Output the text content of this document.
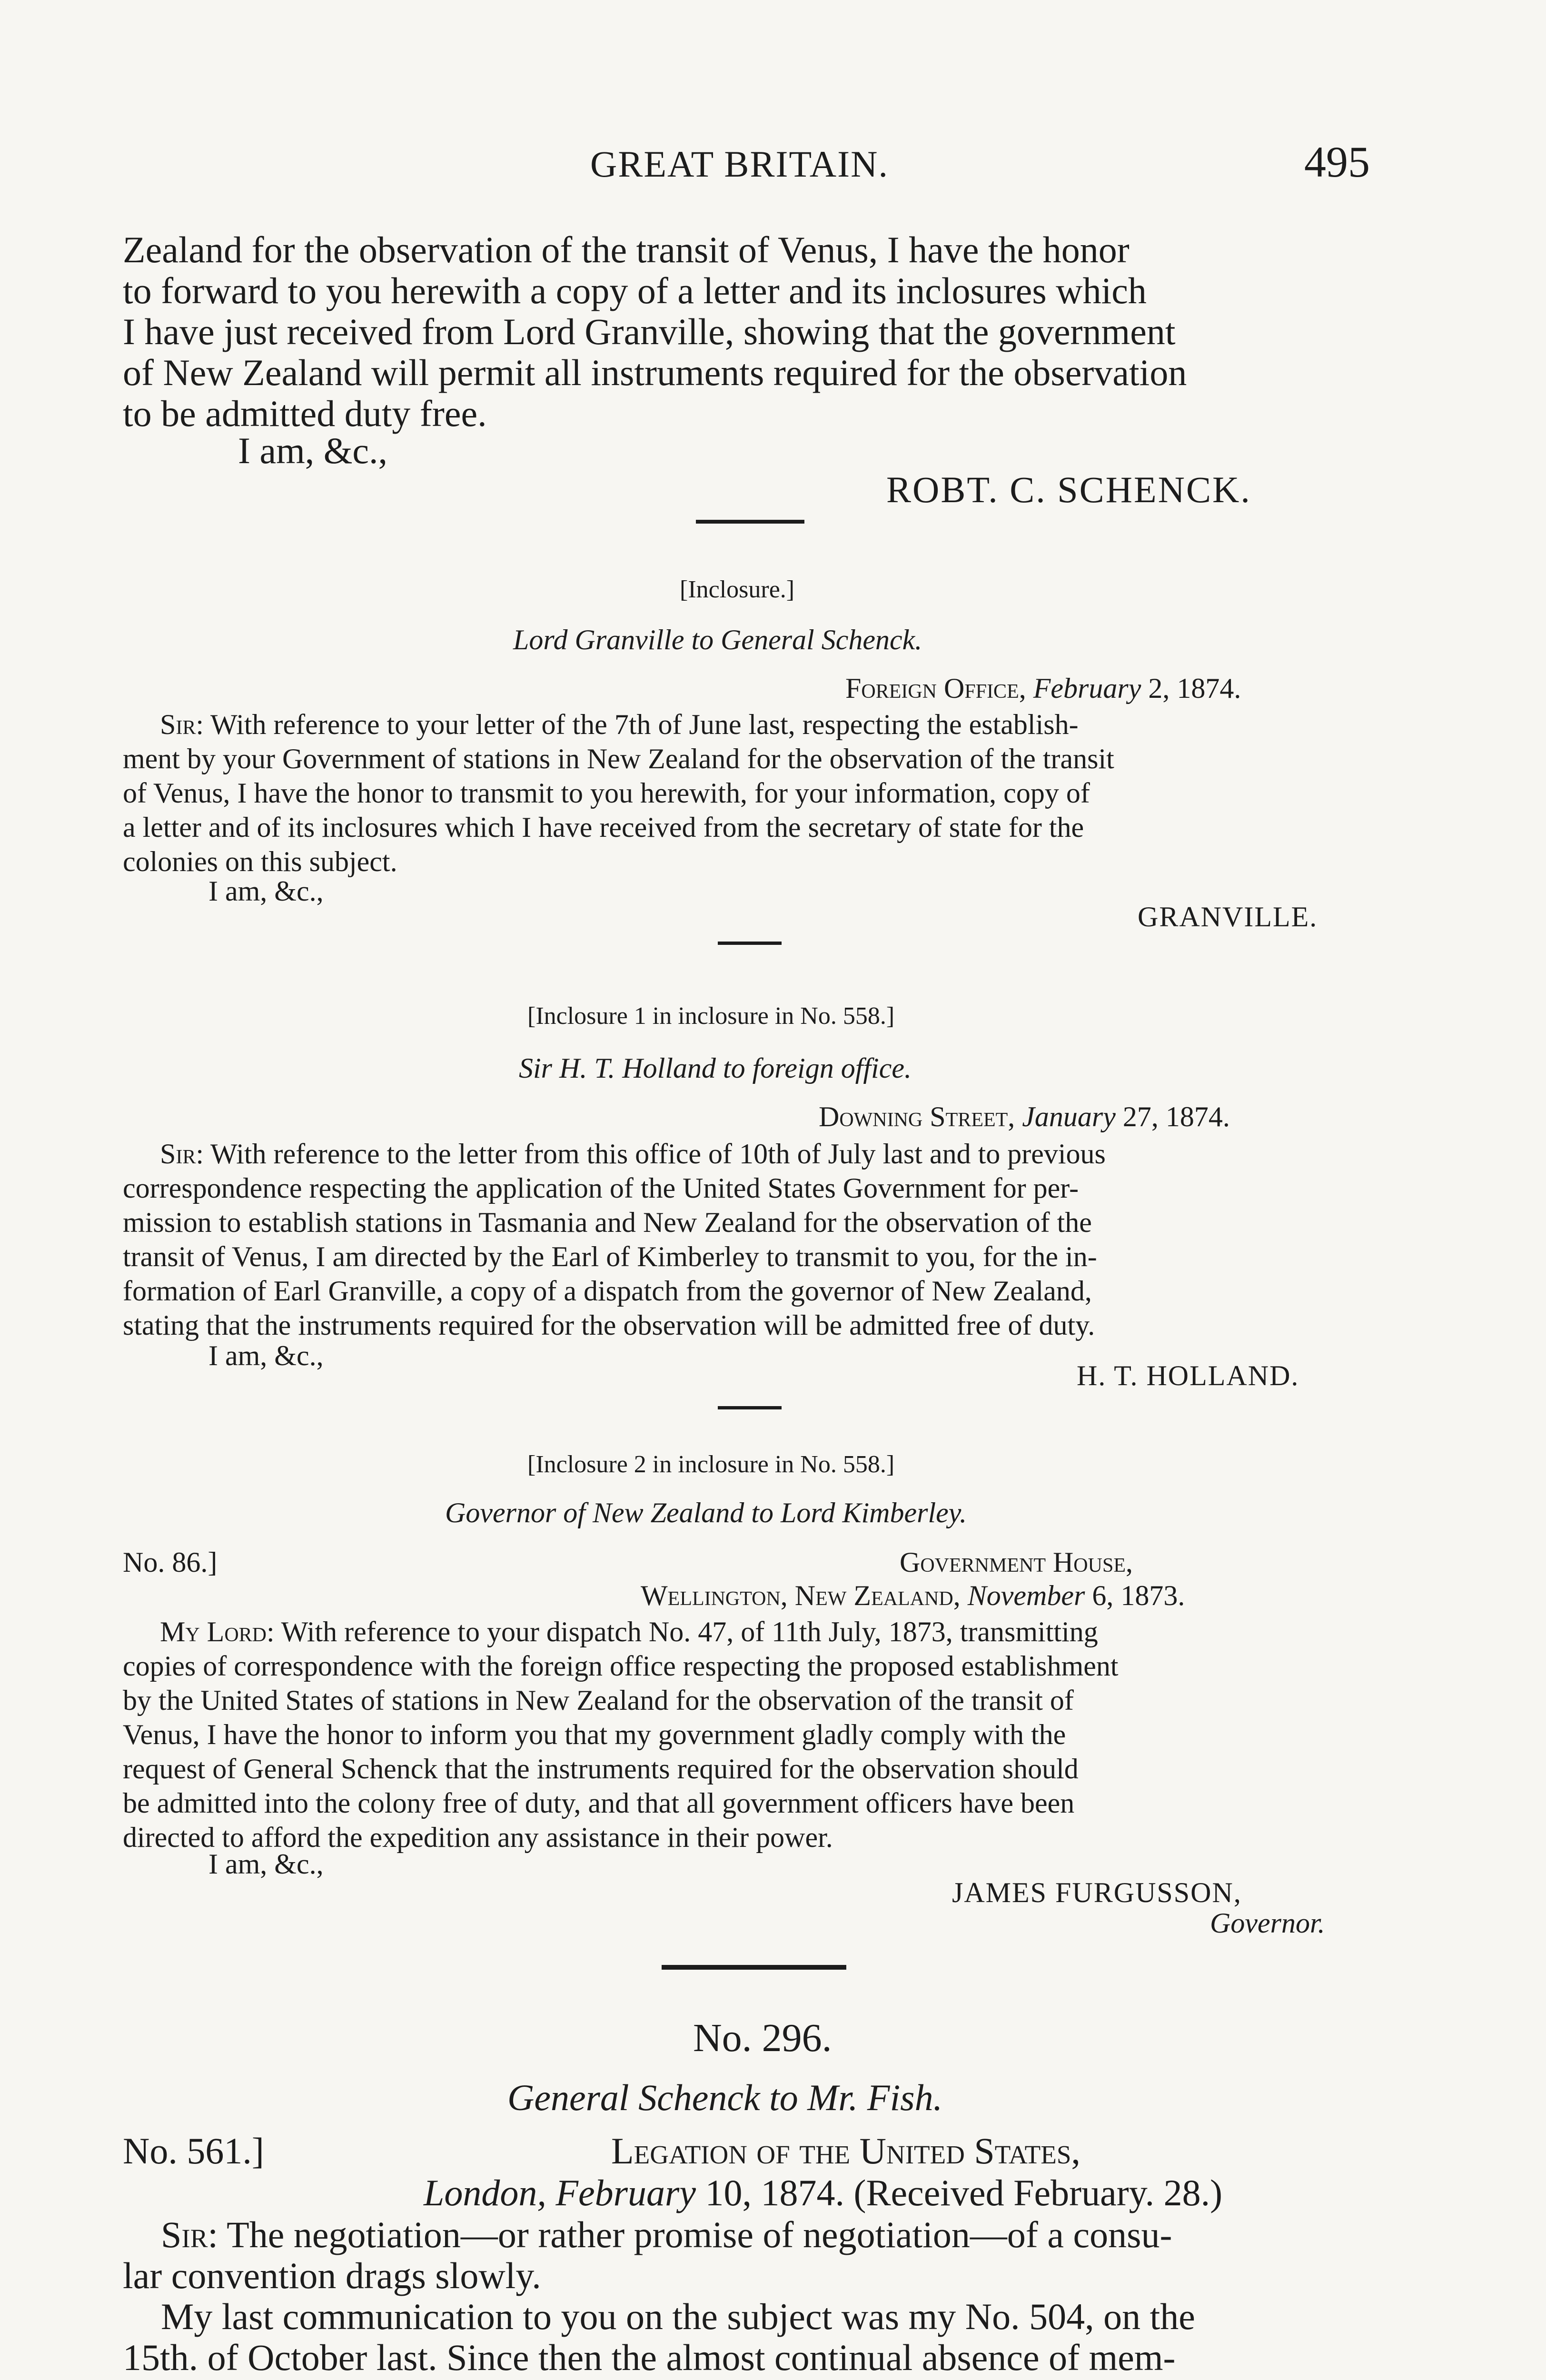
GREAT BRITAIN.	495
Zealand for the observation of the transit of Venus, I have the honor
to forward to you herewith a copy of a letter and its inclosures which
I have just received from Lord Granville, showing that the government
of New Zealand will permit all instruments required for the observation
to be admitted duty free.
I am, &c.,
ROBT. C. SCHENCK.
[Inclosure.]
Lord Granville to General Schenck.
Foreign Office, February 2, 1874.
Sir: With reference to your letter of the 7th of June last, respecting the establish-
ment by your Government of stations in New Zealand for the observation of the transit
of Venus, I have the honor to transmit to you herewith, for your information, copy of
a letter and of its inclosures which I have received from the secretary of state for the
colonies on this subject.
I am, &c.,
GRANVILLE.
[Inclosure 1 in inclosure in No. 558.]
Sir H. T. Holland to foreign office.
Downing Street, January 27, 1874.
Sir: With reference to the letter from this office of 10th of July last and to previous
correspondence respecting the application of the United States Government for per-
mission to establish stations in Tasmania and New Zealand for the observation of the
transit of Venus, I am directed by the Earl of Kimberley to transmit to you, for the in-
formation of Earl Granville, a copy of a dispatch from the governor of New Zealand,
stating that the instruments required for the observation will be admitted free of duty.
I am, &c.,
H. T. HOLLAND.
[Inclosure 2 in inclosure in No. 558.]
Governor of New Zealand to Lord Kimberley.
No. 86.]	Government House,
Wellington, New Zealand, November 6, 1873.
My Lord: With reference to your dispatch No. 47, of 11th July, 1873, transmitting
copies of correspondence with the foreign office respecting the proposed establishment
by the United States of stations in New Zealand for the observation of the transit of
Venus, I have the honor to inform you that my government gladly comply with the
request of General Schenck that the instruments required for the observation should
be admitted into the colony free of duty, and that all government officers have been
directed to afford the expedition any assistance in their power.
I am, &c.,
JAMES FURGUSSON,
Governor.
No. 296.
General Schenck to Mr. Fish.
No. 561.]	Legation of the United States,
London, February 10, 1874. (Received February. 28.)
Sir: The negotiation—or rather promise of negotiation—of a consu-
lar convention drags slowly.
My last communication to you on the subject was my No. 504, on the
15th. of October last. Since then the almost continual absence of mem-
